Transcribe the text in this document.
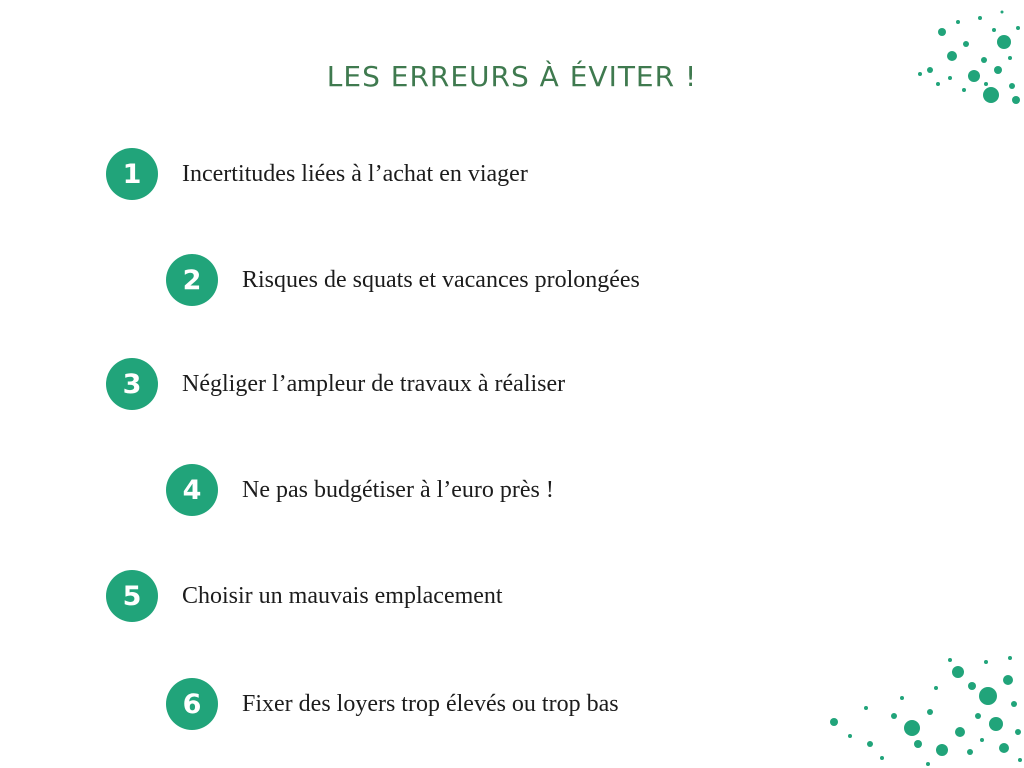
LES ERREURS À ÉVITER !
1	Incertitudes liées à l’achat en viager
2	Risques de squats et vacances prolongées
3	Négliger l’ampleur de travaux à réaliser
4	Ne pas budgétiser à l’euro près !
5	Choisir un mauvais emplacement
6	Fixer des loyers trop élevés ou trop bas
